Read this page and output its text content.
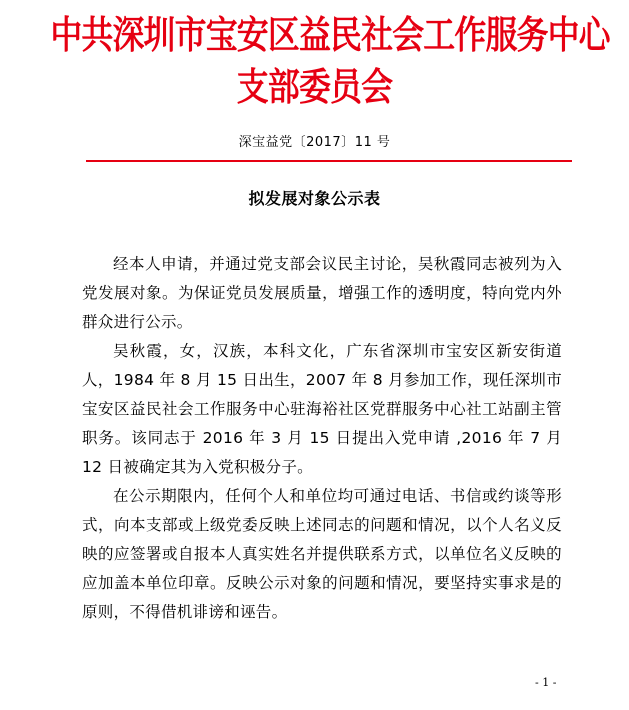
中共深圳市宝安区益民社会工作服务中心
支部委员会
深宝益党〔2017〕11 号
拟发展对象公示表

经本人申请，并通过党支部会议民主讨论，吴秋霞同志被列为入党发展对象。为保证党员发展质量，增强工作的透明度，特向党内外群众进行公示。

吴秋霞，女，汉族，本科文化，广东省深圳市宝安区新安街道人，1984 年 8 月 15 日出生，2007 年 8 月参加工作，现任深圳市宝安区益民社会工作服务中心驻海裕社区党群服务中心社工站副主管职务。该同志于 2016 年 3 月 15 日提出入党申请 ,2016 年 7 月 12 日被确定其为入党积极分子。

在公示期限内，任何个人和单位均可通过电话、书信或约谈等形式，向本支部或上级党委反映上述同志的问题和情况，以个人名义反映的应签署或自报本人真实姓名并提供联系方式，以单位名义反映的应加盖本单位印章。反映公示对象的问题和情况，要坚持实事求是的原则，不得借机诽谤和诬告。

- 1 -
